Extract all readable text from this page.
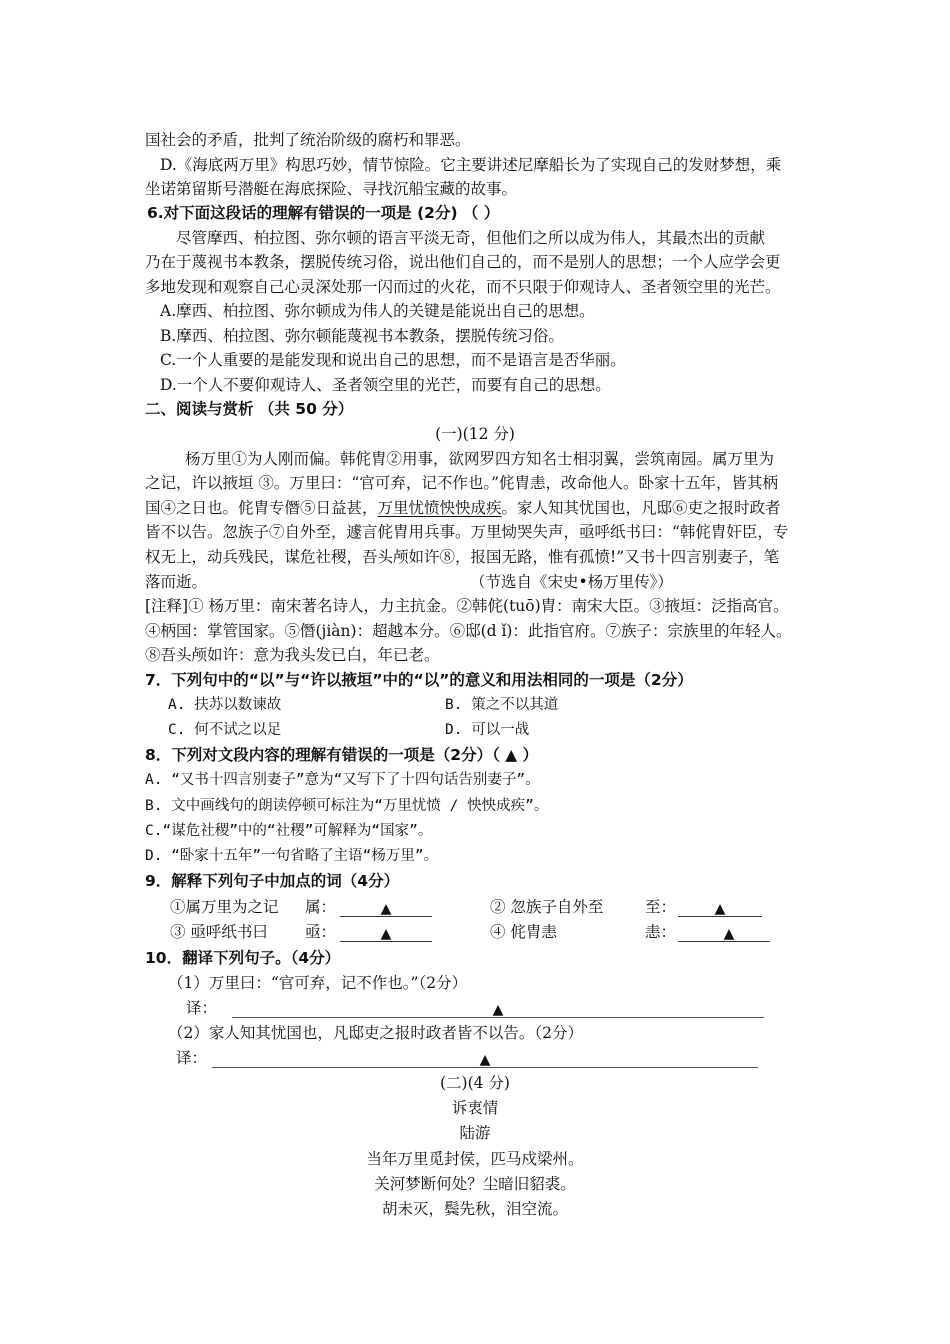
国社会的矛盾，批判了统治阶级的腐朽和罪恶。
D.《海底两万里》构思巧妙，情节惊险。它主要讲述尼摩船长为了实现自己的发财梦想，乘
坐诺第留斯号潜艇在海底探险、寻找沉船宝藏的故事。
6.对下面这段话的理解有错误的一项是 (2分) （ ）
尽管摩西、柏拉图、弥尔顿的语言平淡无奇，但他们之所以成为伟人，其最杰出的贡献
乃在于蔑视书本教条，摆脱传统习俗，说出他们自己的，而不是别人的思想；一个人应学会更
多地发现和观察自己心灵深处那一闪而过的火花，而不只限于仰观诗人、圣者领空里的光芒。
A.摩西、柏拉图、弥尔顿成为伟人的关键是能说出自己的思想。
B.摩西、柏拉图、弥尔顿能蔑视书本教条，摆脱传统习俗。
C.一个人重要的是能发现和说出自己的思想，而不是语言是否华丽。
D.一个人不要仰观诗人、圣者领空里的光芒，而要有自己的思想。
二、阅读与赏析 （共 50 分）
(一)(12 分)
杨万里①为人刚而偏。韩侂胄②用事，欲网罗四方知名士相羽翼，尝筑南园。属万里为
之记，许以掖垣 ③。万里曰：“官可弃，记不作也。”侂胄恚，改命他人。卧家十五年，皆其柄
国④之日也。侂胄专僭⑤日益甚，万里忧愤怏怏成疾。家人知其忧国也，凡邸⑥吏之报时政者
皆不以告。忽族子⑦自外至，遽言侂胄用兵事。万里恸哭失声，亟呼纸书曰：“韩侂胄奸臣，专
权无上，动兵残民，谋危社稷，吾头颅如许⑧，报国无路，惟有孤愤!”又书十四言别妻子，笔
落而逝。	（节选自《宋史•杨万里传》）
[注释]① 杨万里：南宋著名诗人，力主抗金。②韩侂(tuō)胄：南宋大臣。③掖垣：泛指高官。
④柄国：掌管国家。⑤僭(jiàn)：超越本分。⑥邸(d ǐ)：此指官府。⑦族子：宗族里的年轻人。
⑧吾头颅如许：意为我头发已白，年已老。
7．下列句中的“以”与“许以掖垣”中的“以”的意义和用法相同的一项是（2分）
A. 扶苏以数谏故	B. 策之不以其道
C. 何不试之以足	D. 可以一战
8．下列对文段内容的理解有错误的一项是（2分）（ ▲ ）
A. “又书十四言别妻子”意为“又写下了十四句话告别妻子”。
B. 文中画线句的朗读停顿可标注为“万里忧愤 / 怏怏成疾”。
C.“谋危社稷”中的“社稷”可解释为“国家”。
D. “卧家十五年”一句省略了主语“杨万里”。
9．解释下列句子中加点的词（4分）
①属万里为之记 属：	▲	② 忽族子自外至	至：	▲
③ 亟呼纸书曰 亟：	▲	④ 侂胄恚	恚：	▲
10．翻译下列句子。（4分）
（1）万里曰：“官可弃，记不作也。”（2分）
译：	▲
（2）家人知其忧国也，凡邸吏之报时政者皆不以告。（2分）
译：	▲
(二)(4 分)
诉衷情
陆游
当年万里觅封侯，匹马戍梁州。
关河梦断何处？尘暗旧貂裘。
胡未灭，鬓先秋，泪空流。
